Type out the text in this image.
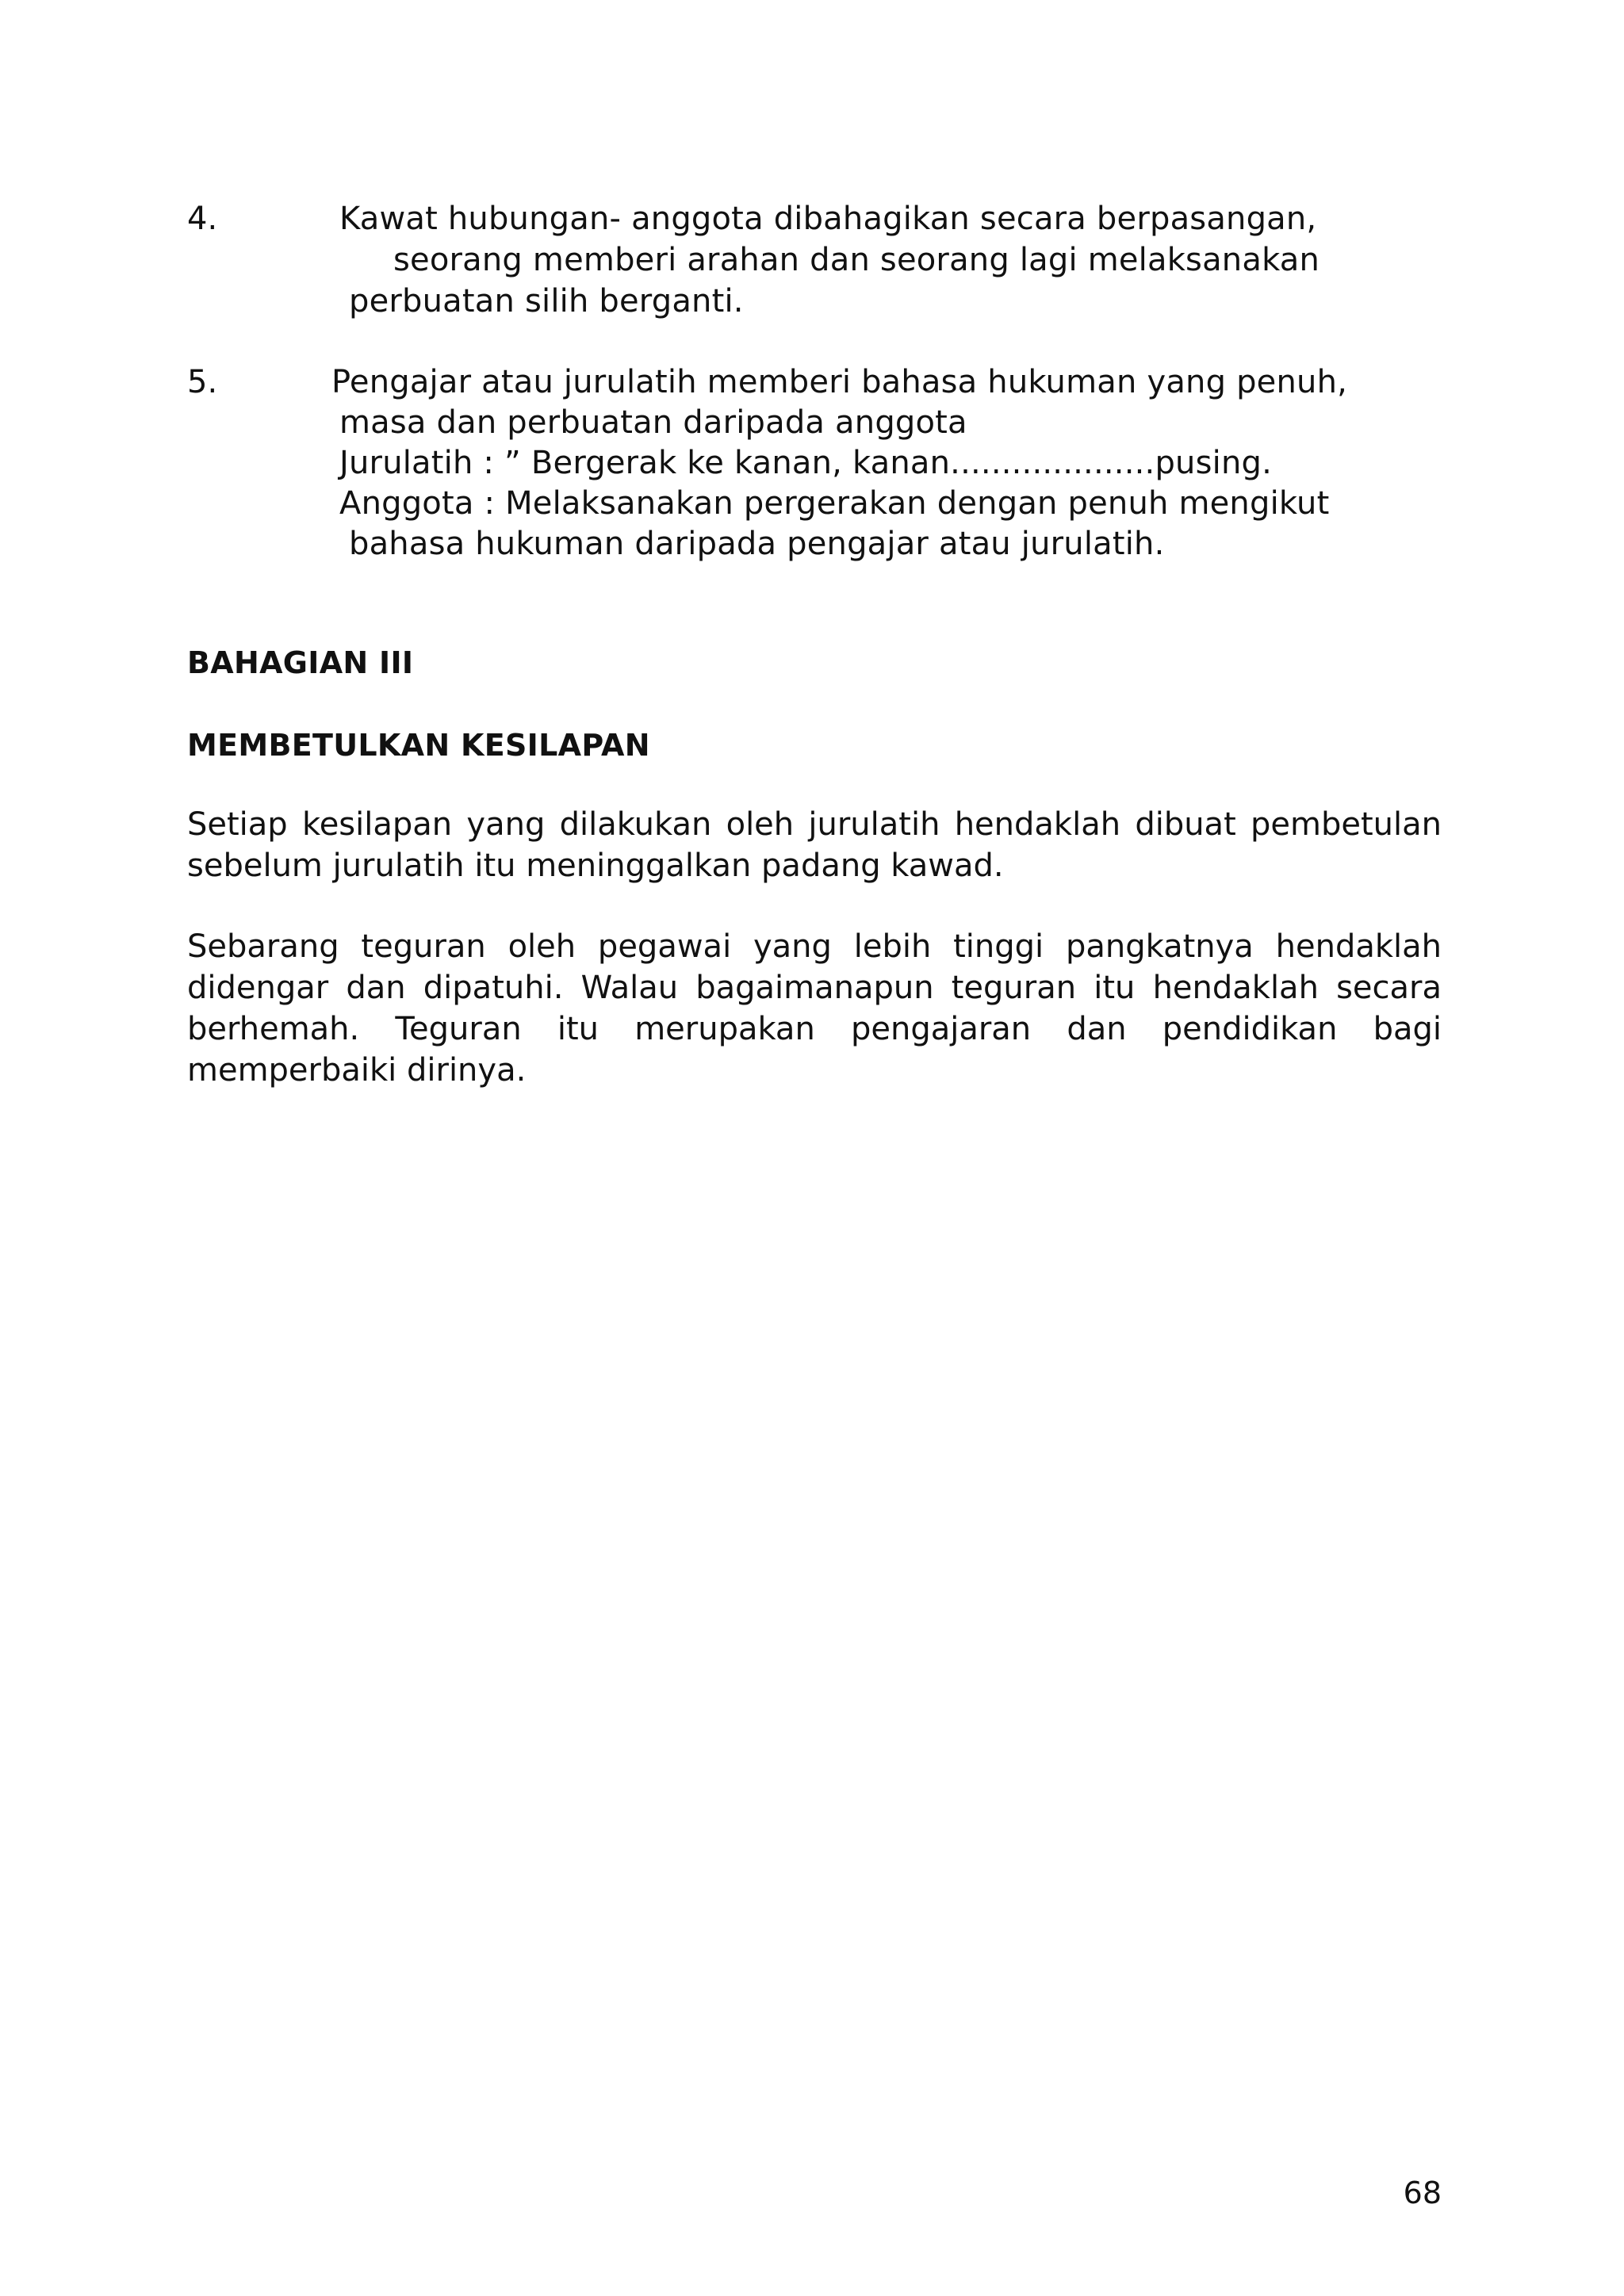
4.	Kawat hubungan- anggota dibahagikan secara berpasangan,
seorang memberi arahan dan seorang lagi melaksanakan
perbuatan silih berganti.
5.	Pengajar atau jurulatih memberi bahasa hukuman yang penuh,
masa dan perbuatan daripada anggota
Jurulatih : ” Bergerak ke kanan, kanan....................pusing.
Anggota : Melaksanakan pergerakan dengan penuh mengikut
bahasa hukuman daripada pengajar atau jurulatih.
BAHAGIAN III
MEMBETULKAN KESILAPAN
Setiap kesilapan yang dilakukan oleh jurulatih hendaklah dibuat pembetulan
sebelum jurulatih itu meninggalkan padang kawad.
Sebarang teguran oleh pegawai yang lebih tinggi pangkatnya hendaklah
didengar dan dipatuhi. Walau bagaimanapun teguran itu hendaklah secara
berhemah. Teguran itu merupakan pengajaran dan pendidikan bagi
memperbaiki dirinya.
68
